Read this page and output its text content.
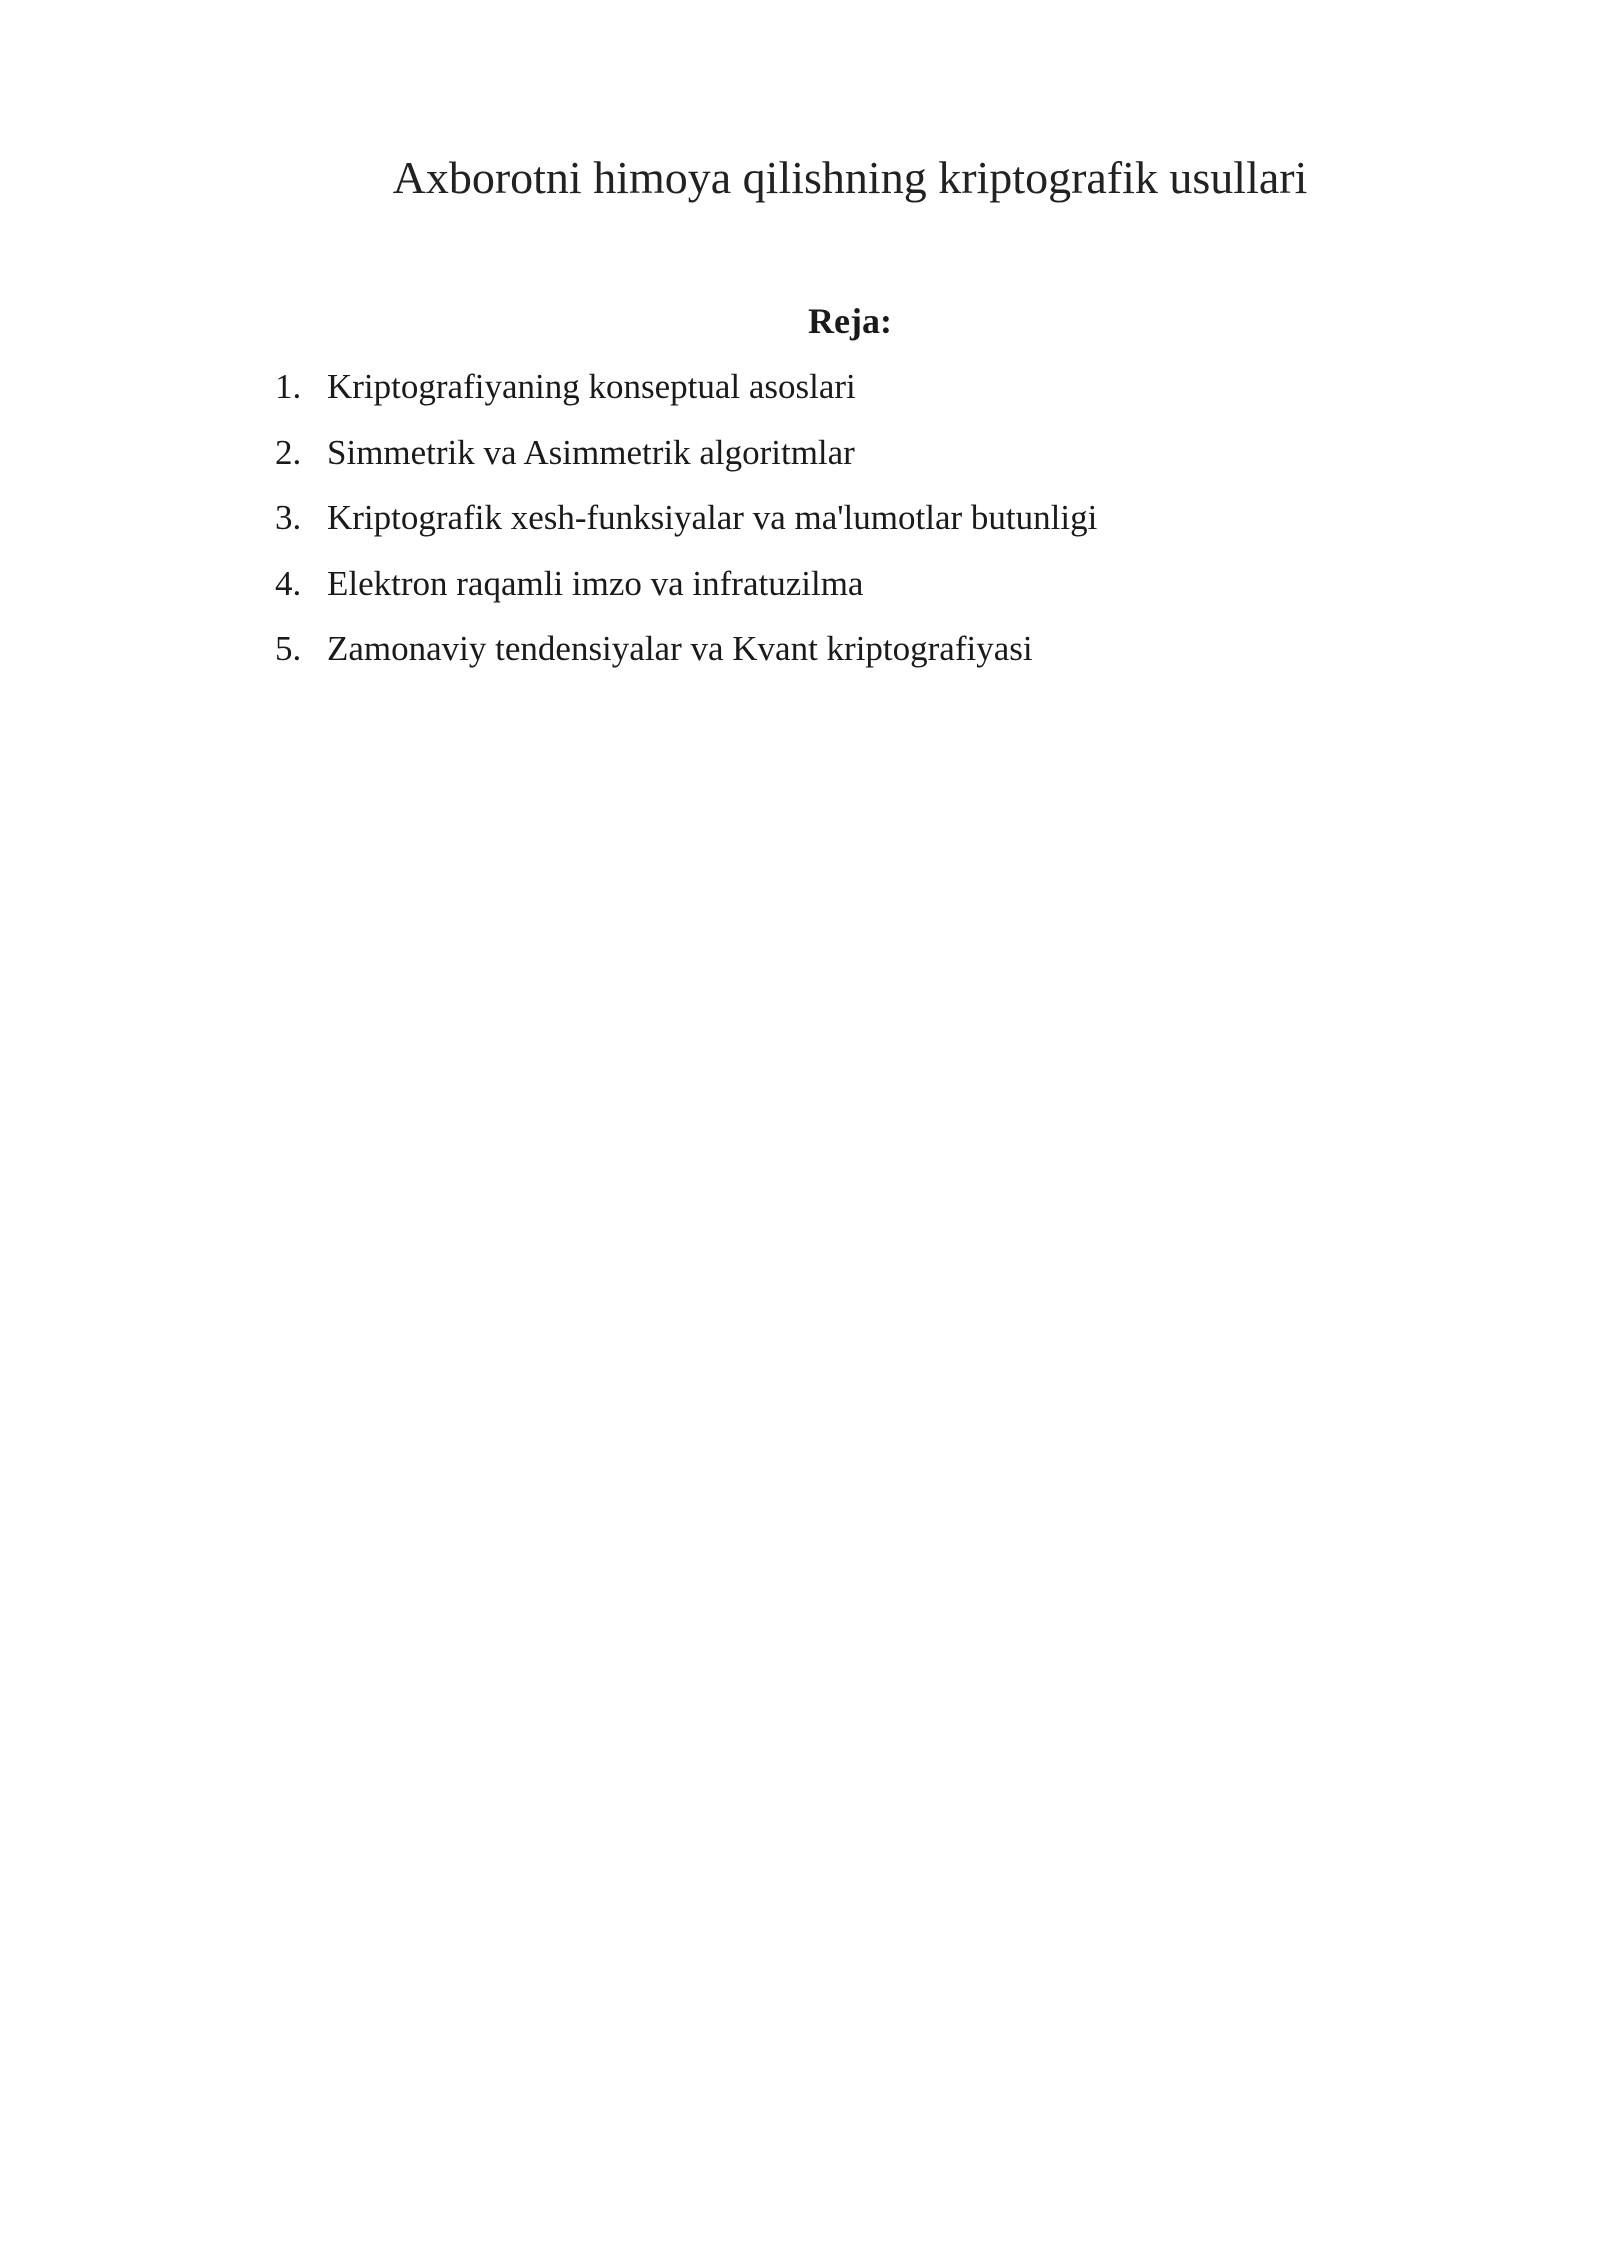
Axborotni himoya qilishning kriptografik usullari
Reja:
1. Kriptografiyaning konseptual asoslari
2. Simmetrik va Asimmetrik algoritmlar
3. Kriptografik xesh-funksiyalar va ma'lumotlar butunligi
4. Elektron raqamli imzo va infratuzilma
5. Zamonaviy tendensiyalar va Kvant kriptografiyasi
